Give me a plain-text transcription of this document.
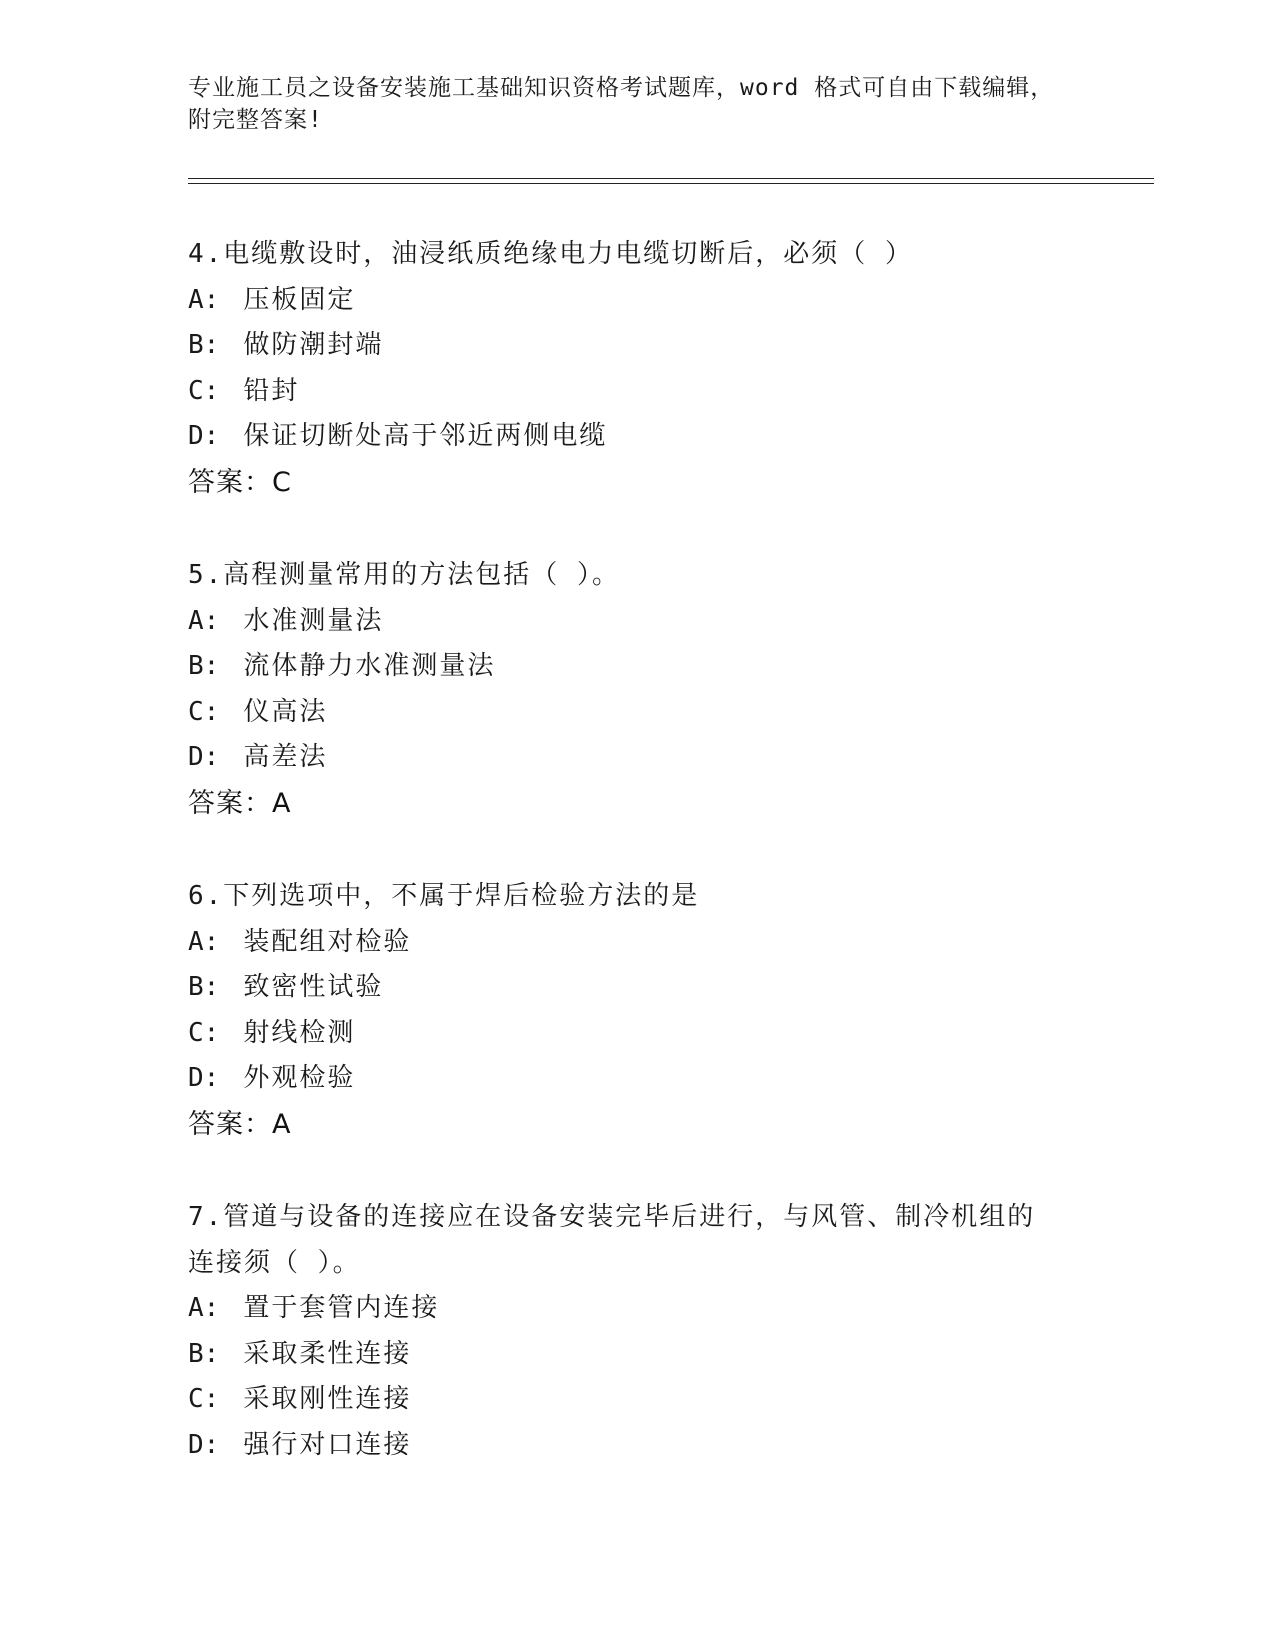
专业施工员之设备安装施工基础知识资格考试题库，word 格式可自由下载编辑，
附完整答案!
4.电缆敷设时，油浸纸质绝缘电力电缆切断后，必须（ ）
A: 压板固定
B: 做防潮封端
C: 铅封
D: 保证切断处高于邻近两侧电缆
答案：C
5.高程测量常用的方法包括（ ）。
A: 水准测量法
B: 流体静力水准测量法
C: 仪高法
D: 高差法
答案：A
6.下列选项中，不属于焊后检验方法的是
A: 装配组对检验
B: 致密性试验
C: 射线检测
D: 外观检验
答案：A
7.管道与设备的连接应在设备安装完毕后进行，与风管、制冷机组的
连接须（ ）。
A: 置于套管内连接
B: 采取柔性连接
C: 采取刚性连接
D: 强行对口连接
